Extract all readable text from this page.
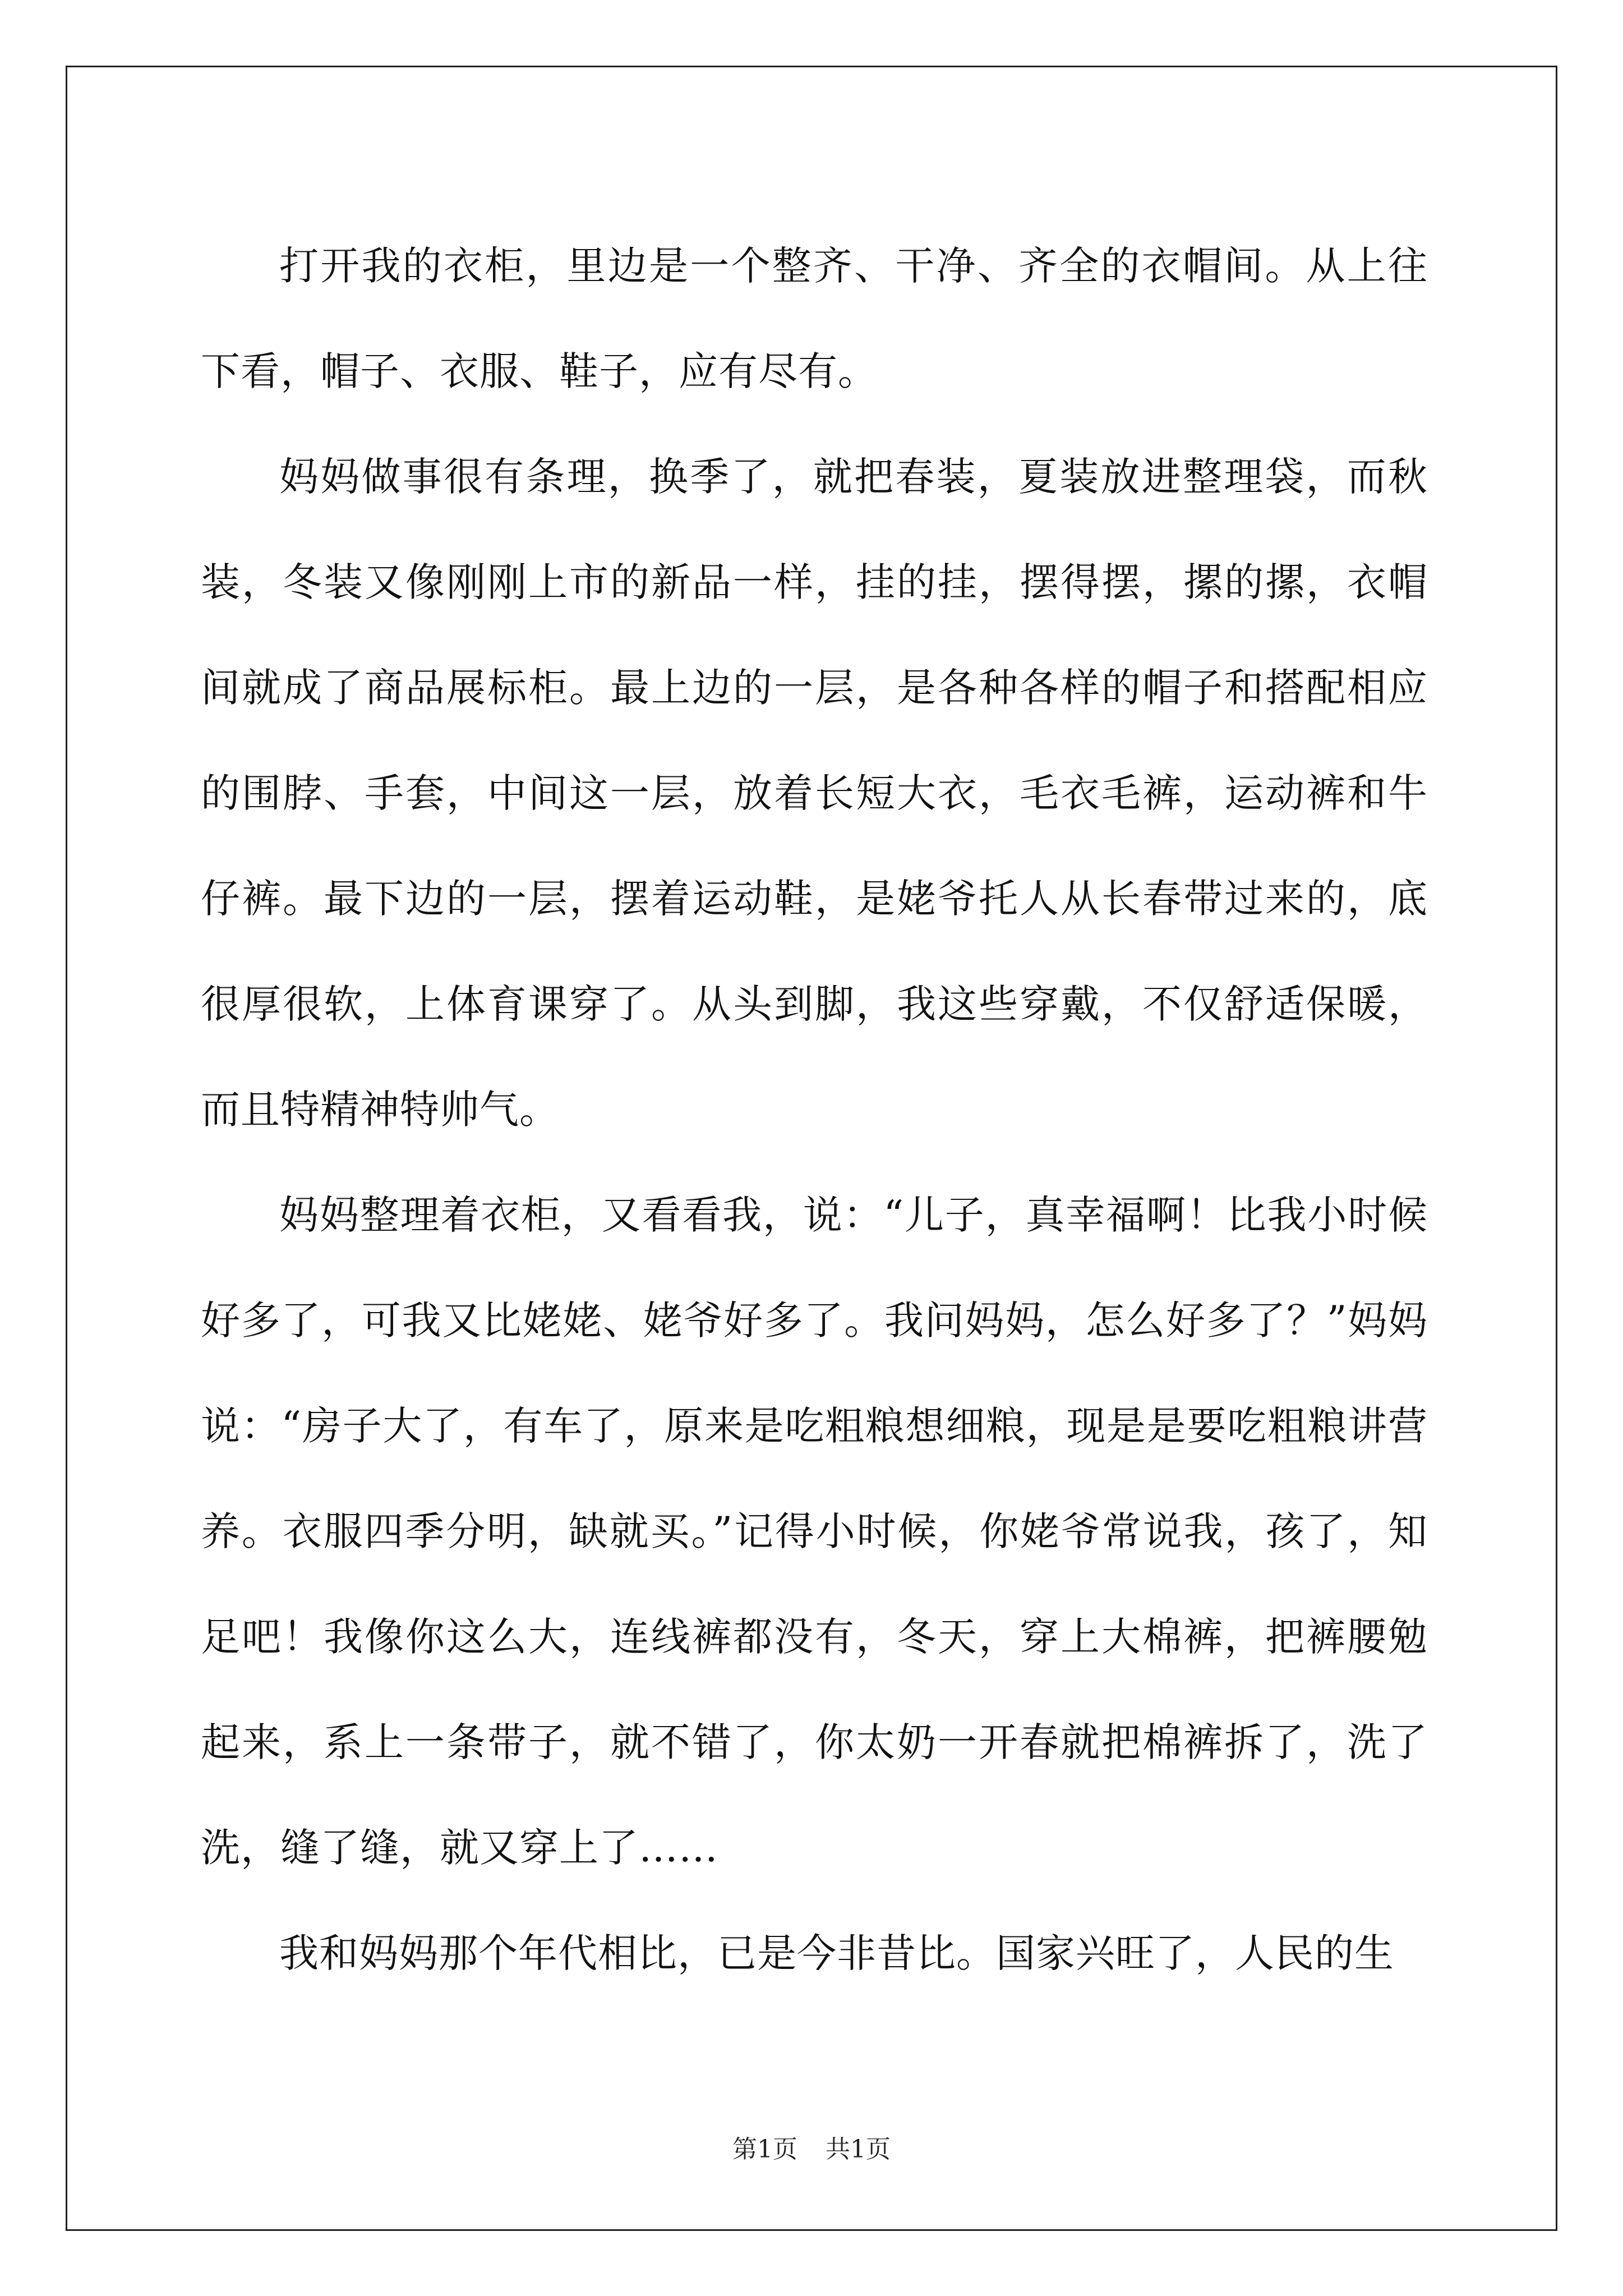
打开我的衣柜，里边是一个整齐、干净、齐全的衣帽间。从上往下看，帽子、衣服、鞋子，应有尽有。

妈妈做事很有条理，换季了，就把春装，夏装放进整理袋，而秋装，冬装又像刚刚上市的新品一样，挂的挂，摆得摆，摞的摞，衣帽间就成了商品展标柜。最上边的一层，是各种各样的帽子和搭配相应的围脖、手套，中间这一层，放着长短大衣，毛衣毛裤，运动裤和牛仔裤。最下边的一层，摆着运动鞋，是姥爷托人从长春带过来的，底很厚很软，上体育课穿了。从头到脚，我这些穿戴，不仅舒适保暖，而且特精神特帅气。

妈妈整理着衣柜，又看看我，说：“儿子，真幸福啊！比我小时候好多了，可我又比姥姥、姥爷好多了。我问妈妈，怎么好多了？”妈妈说：“房子大了，有车了，原来是吃粗粮想细粮，现是是要吃粗粮讲营养。衣服四季分明，缺就买。”记得小时候，你姥爷常说我，孩了，知足吧！我像你这么大，连线裤都没有，冬天，穿上大棉裤，把裤腰勉起来，系上一条带子，就不错了，你太奶一开春就把棉裤拆了，洗了洗，缝了缝，就又穿上了……

我和妈妈那个年代相比，已是今非昔比。国家兴旺了，人民的生

第1页 共1页
